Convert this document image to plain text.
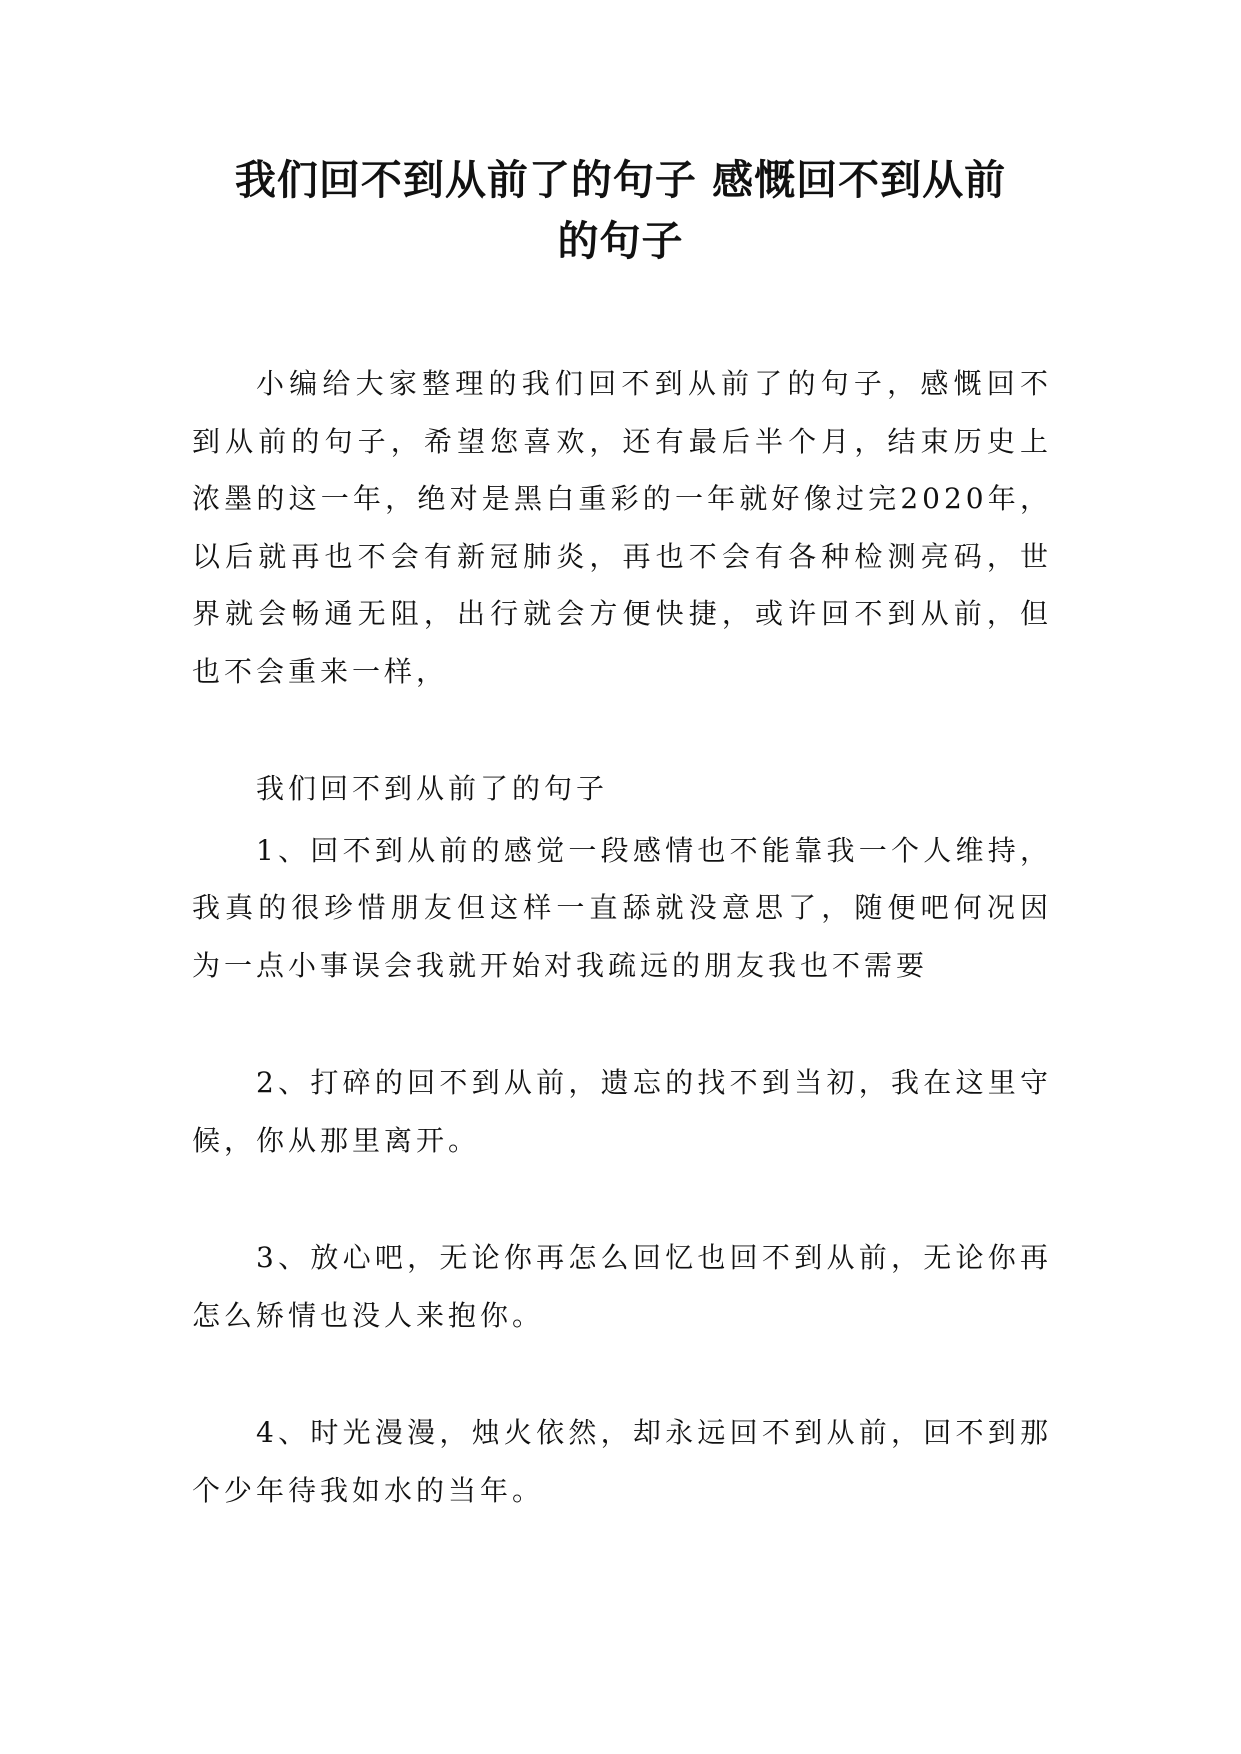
我们回不到从前了的句子 感慨回不到从前
的句子

小编给大家整理的我们回不到从前了的句子，感慨回不到从前的句子，希望您喜欢，还有最后半个月，结束历史上浓墨的这一年，绝对是黑白重彩的一年就好像过完2020年，以后就再也不会有新冠肺炎，再也不会有各种检测亮码，世界就会畅通无阻，出行就会方便快捷，或许回不到从前，但也不会重来一样，

我们回不到从前了的句子

1、回不到从前的感觉一段感情也不能靠我一个人维持，我真的很珍惜朋友但这样一直舔就没意思了，随便吧何况因为一点小事误会我就开始对我疏远的朋友我也不需要

2、打碎的回不到从前，遗忘的找不到当初，我在这里守候，你从那里离开。

3、放心吧，无论你再怎么回忆也回不到从前，无论你再怎么矫情也没人来抱你。

4、时光漫漫，烛火依然，却永远回不到从前，回不到那个少年待我如水的当年。
